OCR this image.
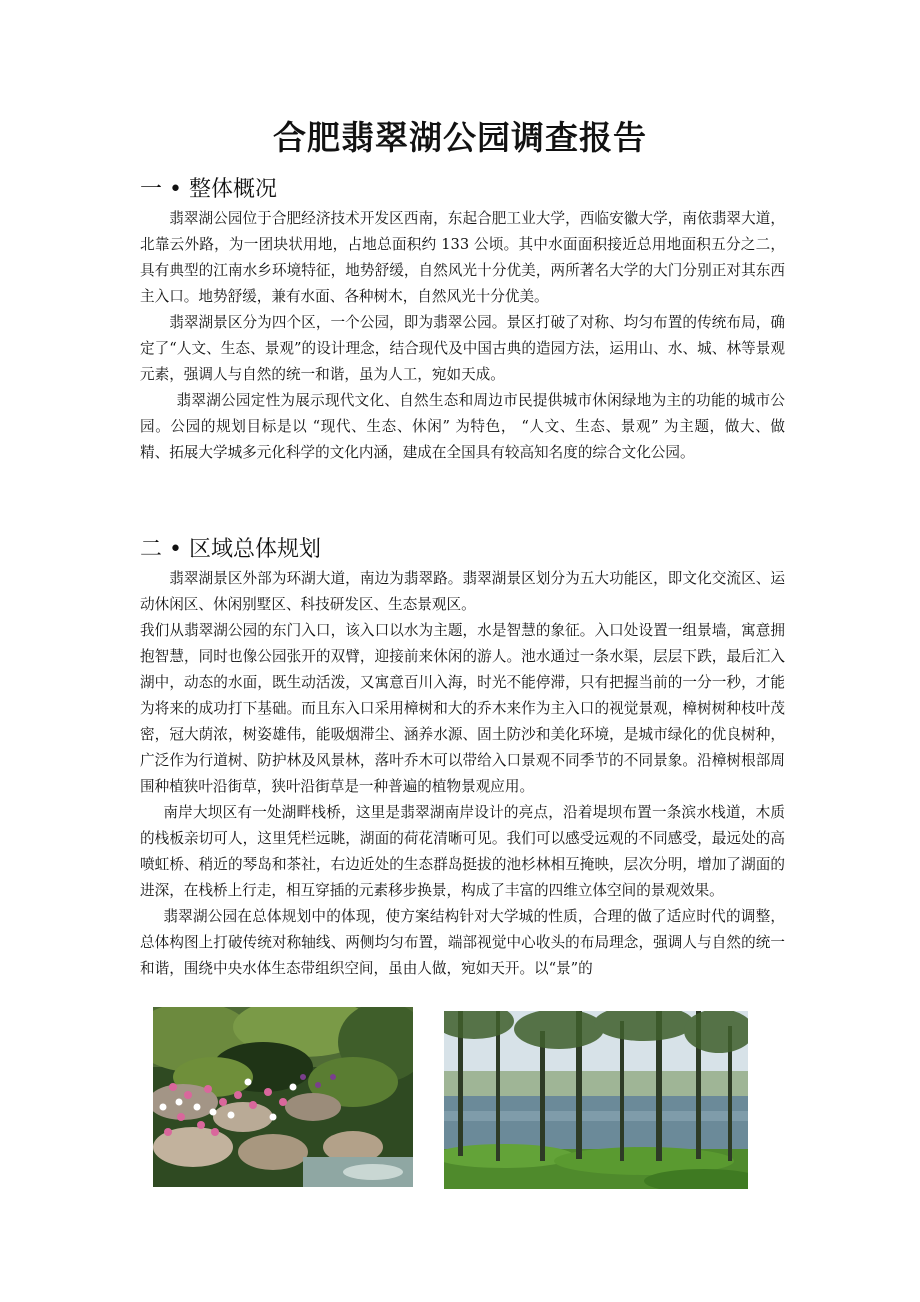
合肥翡翠湖公园调查报告
一 • 整体概况

翡翠湖公园位于合肥经济技术开发区西南，东起合肥工业大学，西临安徽大学，南依翡翠大道，北靠云外路，为一团块状用地，占地总面积约 133 公顷。其中水面面积接近总用地面积五分之二，具有典型的江南水乡环境特征，地势舒缓，自然风光十分优美，两所著名大学的大门分别正对其东西主入口。地势舒缓，兼有水面、各种树木，自然风光十分优美。

翡翠湖景区分为四个区，一个公园，即为翡翠公园。景区打破了对称、均匀布置的传统布局，确定了“人文、生态、景观”的设计理念，结合现代及中国古典的造园方法，运用山、水、城、林等景观元素，强调人与自然的统一和谐，虽为人工，宛如天成。

翡翠湖公园定性为展示现代文化、自然生态和周边市民提供城市休闲绿地为主的功能的城市公园。公园的规划目标是以 “现代、生态、休闲” 为特色， “人文、生态、景观” 为主题，做大、做精、拓展大学城多元化科学的文化内涵，建成在全国具有较高知名度的综合文化公园。

二 • 区域总体规划

翡翠湖景区外部为环湖大道，南边为翡翠路。翡翠湖景区划分为五大功能区，即文化交流区、运动休闲区、休闲别墅区、科技研发区、生态景观区。

我们从翡翠湖公园的东门入口，该入口以水为主题，水是智慧的象征。入口处设置一组景墙，寓意拥抱智慧，同时也像公园张开的双臂，迎接前来休闲的游人。池水通过一条水渠，层层下跌，最后汇入湖中，动态的水面，既生动活泼，又寓意百川入海，时光不能停滞，只有把握当前的一分一秒，才能为将来的成功打下基础。而且东入口采用樟树和大的乔木来作为主入口的视觉景观，樟树树种枝叶茂密，冠大荫浓，树姿雄伟，能吸烟滞尘、涵养水源、固土防沙和美化环境，是城市绿化的优良树种，广泛作为行道树、防护林及风景林，落叶乔木可以带给入口景观不同季节的不同景象。沿樟树根部周围种植狭叶沿街草，狭叶沿街草是一种普遍的植物景观应用。

南岸大坝区有一处湖畔栈桥，这里是翡翠湖南岸设计的亮点，沿着堤坝布置一条滨水栈道，木质的栈板亲切可人，这里凭栏远眺，湖面的荷花清晰可见。我们可以感受远观的不同感受，最远处的高喷虹桥、稍近的琴岛和茶社，右边近处的生态群岛挺拔的池杉林相互掩映，层次分明，增加了湖面的进深，在栈桥上行走，相互穿插的元素移步换景，构成了丰富的四维立体空间的景观效果。

翡翠湖公园在总体规划中的体现，使方案结构针对大学城的性质，合理的做了适应时代的调整，总体构图上打破传统对称轴线、两侧均匀布置，端部视觉中心收头的布局理念，强调人与自然的统一和谐，围绕中央水体生态带组织空间，虽由人做，宛如天开。以“景”的
